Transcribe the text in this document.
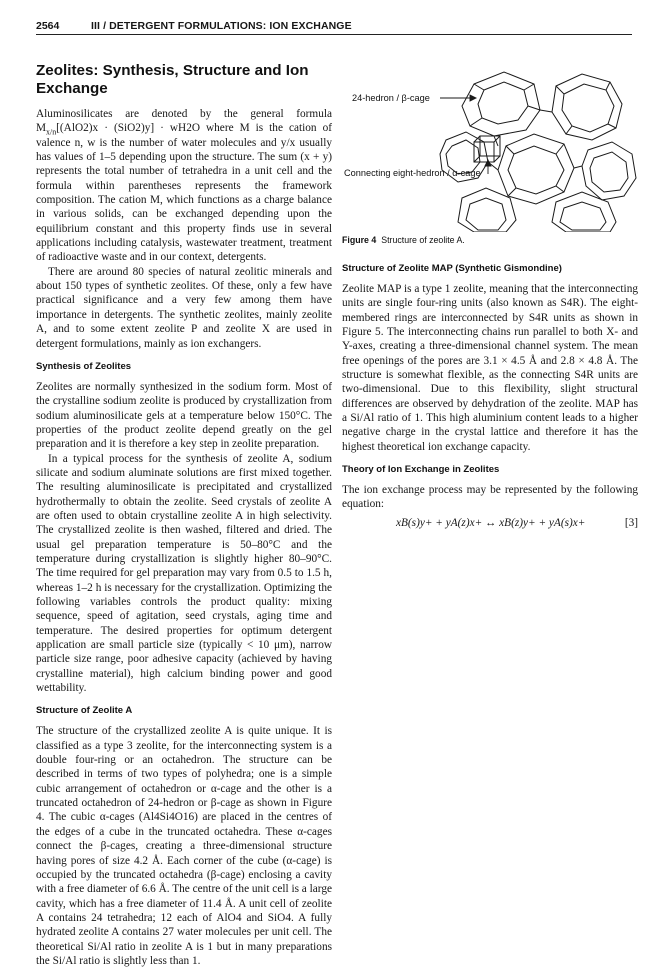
2564	III / DETERGENT FORMULATIONS: ION EXCHANGE
Zeolites: Synthesis, Structure and Ion Exchange

Aluminosilicates are denoted by the general formula $M_{x/n}[(AlO2)x \cdot (SiO2)y] \cdot wH2O$ where M is the cation of valence n, w is the number of water molecules and y/x usually has values of 1–5 depending upon the structure. The sum (x + y) represents the total number of tetrahedra in a unit cell and the formula within parentheses represents the framework composition. The cation M, which functions as a charge balance in various solids, can be exchanged depending upon the equilibrium constant and this property finds use in several applications including catalysis, wastewater treatment, treatment of radioactive waste and in our context, detergents.

There are around 80 species of natural zeolitic minerals and about 150 types of synthetic zeolites. Of these, only a few have practical significance and a very few among them have importance in detergents. The synthetic zeolites, mainly zeolite A, and to some extent zeolite P and zeolite X are used in detergent formulations, mainly as ion exchangers.

Synthesis of Zeolites

Zeolites are normally synthesized in the sodium form. Most of the crystalline sodium zeolite is produced by crystallization from sodium aluminosilicate gels at a temperature below 150°C. The properties of the product zeolite depend greatly on the gel preparation and it is therefore a key step in zeolite preparation.

In a typical process for the synthesis of zeolite A, sodium silicate and sodium aluminate solutions are first mixed together. The resulting aluminosilicate is precipitated and crystallized hydrothermally to obtain the zeolite. Seed crystals of zeolite A are often used to obtain crystalline zeolite A in high selectivity. The crystallized zeolite is then washed, filtered and dried. The usual gel preparation temperature is 50–80°C and the temperature during crystallization is slightly higher 80–90°C. The time required for gel preparation may vary from 0.5 to 1.5 h, whereas 1–2 h is necessary for the crystallization. Optimizing the following variables controls the product quality: mixing sequence, speed of agitation, seed crystals, aging time and temperature. The desired properties for optimum detergent application are small particle size (typically < 10 μm), narrow particle size range, poor adhesive capacity (achieved by having crystalline material), high calcium binding power and good wettability.

Structure of Zeolite A

The structure of the crystallized zeolite A is quite unique. It is classified as a type 3 zeolite, for the interconnecting system is a double four-ring or an octahedron. The structure can be described in terms of two types of polyhedra; one is a simple cubic arrangement of octahedron or α-cage and the other is a truncated octahedron of 24-hedron or β-cage as shown in Figure 4. The cubic α-cages (Al4Si4O16) are placed in the centres of the edges of a cube in the truncated octahedra. These α-cages connect the β-cages, creating a three-dimensional structure having pores of size 4.2 Å. Each corner of the cube (α-cage) is occupied by the truncated octahedra (β-cage) enclosing a cavity with a free diameter of 6.6 Å. The centre of the unit cell is a large cavity, which has a free diameter of 11.4 Å. A unit cell of zeolite A contains 24 tetrahedra; 12 each of AlO4 and SiO4. A fully hydrated zeolite A contains 27 water molecules per unit cell. The theoretical Si/Al ratio in zeolite A is 1 but in many preparations the Si/Al ratio is slightly less than 1.

24-hedron / β-cage
Connecting eight-hedron / α-cage
Figure 4 Structure of zeolite A.
Structure of Zeolite MAP (Synthetic Gismondine)

Zeolite MAP is a type 1 zeolite, meaning that the interconnecting units are single four-ring units (also known as S4R). The eight-membered rings are interconnected by S4R units as shown in Figure 5. The interconnecting chains run parallel to both X- and Y-axes, creating a three-dimensional channel system. The mean free openings of the pores are 3.1 × 4.5 Å and 2.8 × 4.8 Å. The structure is somewhat flexible, as the connecting S4R units are two-dimensional. Due to this flexibility, slight structural differences are observed by dehydration of the zeolite. MAP has a Si/Al ratio of 1. This high aluminium content leads to a higher negative charge in the crystal lattice and therefore it has the highest theoretical ion exchange capacity.

Theory of Ion Exchange in Zeolites

The ion exchange process may be represented by the following equation:

xB(s)y+ + yA(z)x+ ↔ xB(z)y+ + yA(s)x+	[3]
